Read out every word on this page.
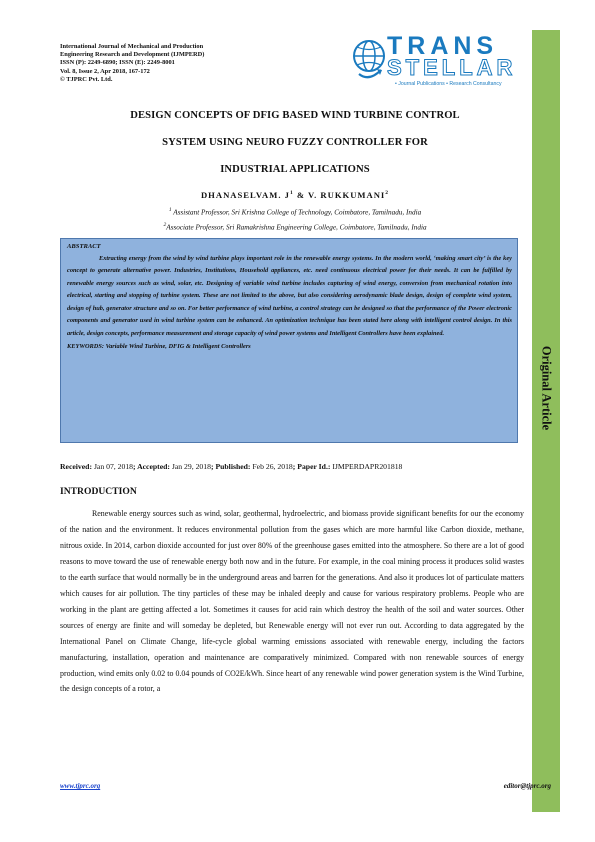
International Journal of Mechanical and Production
Engineering Research and Development (IJMPERD)
ISSN (P): 2249-6890; ISSN (E): 2249-8001
Vol. 8, Issue 2, Apr 2018, 167-172
© TJPRC Pvt. Ltd.
TRANS
STELLAR
• Journal Publications • Research Consultancy
Original Article
DESIGN CONCEPTS OF DFIG BASED WIND TURBINE CONTROL
SYSTEM USING NEURO FUZZY CONTROLLER FOR
INDUSTRIAL APPLICATIONS
DHANASELVAM. $J^1$ & V. RUKKUMANI$^2$
$^1$ Assistant Professor, Sri Krishna College of Technology, Coimbatore, Tamilnadu, India
$^2$Associate Professor, Sri Ramakrishna Engineering College, Coimbatore, Tamilnadu, India
ABSTRACT
Extracting energy from the wind by wind turbine plays important role in the renewable energy systems. In the modern world, ‘making smart city’ is the key concept to generate alternative power. Industries, Institutions, Household appliances, etc. need continuous electrical power for their needs. It can be fulfilled by renewable energy sources such as wind, solar, etc. Designing of variable wind turbine includes capturing of wind energy, conversion from mechanical rotation into electrical, starting and stopping of turbine system. These are not limited to the above, but also considering aerodynamic blade design, design of complete wind system, design of hub, generator structure and so on. For better performance of wind turbine, a control strategy can be designed so that the performance of the Power electronic components and generator used in wind turbine system can be enhanced. An optimization technique has been stated here along with intelligent control design. In this article, design concepts, performance measurement and storage capacity of wind power systems and Intelligent Controllers have been explained.
KEYWORDS: Variable Wind Turbine, DFIG & Intelligent Controllers
Received: Jan 07, 2018; Accepted: Jan 29, 2018; Published: Feb 26, 2018; Paper Id.: IJMPERDAPR201818
INTRODUCTION
Renewable energy sources such as wind, solar, geothermal, hydroelectric, and biomass provide significant benefits for our the economy of the nation and the environment. It reduces environmental pollution from the gases which are more harmful like Carbon dioxide, methane, nitrous oxide. In 2014, carbon dioxide accounted for just over 80% of the greenhouse gases emitted into the atmosphere. So there are a lot of good reasons to move toward the use of renewable energy both now and in the future. For example, in the coal mining process it produces solid wastes to the earth surface that would normally be in the underground areas and barren for the generations. And also it produces lot of particulate matters which causes for air pollution. The tiny particles of these may be inhaled deeply and cause for various respiratory problems. People who are working in the plant are getting affected a lot. Sometimes it causes for acid rain which destroy the health of the soil and water sources. Other sources of energy are finite and will someday be depleted, but Renewable energy will not ever run out. According to data aggregated by the International Panel on Climate Change, life-cycle global warming emissions associated with renewable energy, including the factors manufacturing, installation, operation and maintenance are comparatively minimized. Compared with non renewable sources of energy production, wind emits only 0.02 to 0.04 pounds of CO2E/kWh. Since heart of any renewable wind power generation system is the Wind Turbine, the design concepts of a rotor, a
www.tjprc.org	editor@tjprc.org
